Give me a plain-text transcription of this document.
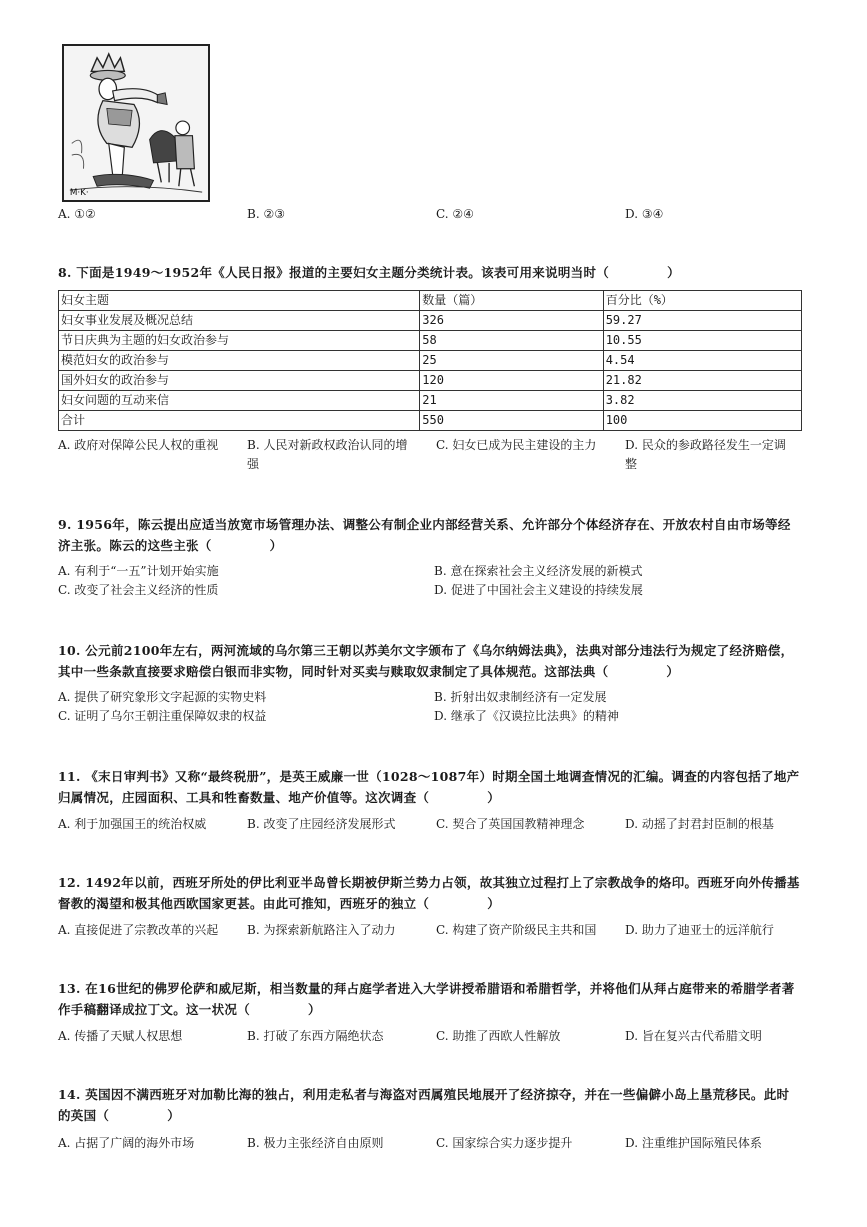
M·K·
A. ①②	B. ②③	C. ②④	D. ③④
8. 下面是1949～1952年《人民日报》报道的主要妇女主题分类统计表。该表可用来说明当时（	）
妇女主题	数量（篇）	百分比（%）
妇女事业发展及概况总结	326	59.27
节日庆典为主题的妇女政治参与	58	10.55
模范妇女的政治参与	25	4.54
国外妇女的政治参与	120	21.82
妇女问题的互动来信	21	3.82
合计	550	100
A. 政府对保障公民人权的重视	B. 人民对新政权政治认同的增强
C. 妇女已成为民主建设的主力	D. 民众的参政路径发生一定调整
9. 1956年，陈云提出应适当放宽市场管理办法、调整公有制企业内部经营关系、允许部分个体经济存在、开放农村自由市场等经
济主张。陈云的这些主张（	）
A. 有利于“一五”计划开始实施	B. 意在探索社会主义经济发展的新模式
C. 改变了社会主义经济的性质	D. 促进了中国社会主义建设的持续发展
10. 公元前2100年左右，两河流域的乌尔第三王朝以苏美尔文字颁布了《乌尔纳姆法典》，法典对部分违法行为规定了经济赔偿，
其中一些条款直接要求赔偿白银而非实物，同时针对买卖与赎取奴隶制定了具体规范。这部法典（	）
A. 提供了研究象形文字起源的实物史料	B. 折射出奴隶制经济有一定发展
C. 证明了乌尔王朝注重保障奴隶的权益	D. 继承了《汉谟拉比法典》的精神
11. 《末日审判书》又称“最终税册”，是英王威廉一世（1028～1087年）时期全国土地调查情况的汇编。调查的内容包括了地产
归属情况，庄园面积、工具和牲畜数量、地产价值等。这次调查（	）
A. 利于加强国王的统治权威	B. 改变了庄园经济发展形式	C. 契合了英国国教精神理念	D. 动摇了封君封臣制的根基
12. 1492年以前，西班牙所处的伊比利亚半岛曾长期被伊斯兰势力占领，故其独立过程打上了宗教战争的烙印。西班牙向外传播基
督教的渴望和极其他西欧国家更甚。由此可推知，西班牙的独立（	）
A. 直接促进了宗教改革的兴起 B. 为探索新航路注入了动力	C. 构建了资产阶级民主共和国 D. 助力了迪亚士的远洋航行
13. 在16世纪的佛罗伦萨和威尼斯，相当数量的拜占庭学者进入大学讲授希腊语和希腊哲学，并将他们从拜占庭带来的希腊学者著
作手稿翻译成拉丁文。这一状况（	）
A. 传播了天赋人权思想	B. 打破了东西方隔绝状态	C. 助推了西欧人性解放	D. 旨在复兴古代希腊文明
14. 英国因不满西班牙对加勒比海的独占，利用走私者与海盗对西属殖民地展开了经济掠夺，并在一些偏僻小岛上垦荒移民。此时
的英国（	）
A. 占据了广阔的海外市场	B. 极力主张经济自由原则	C. 国家综合实力逐步提升	D. 注重维护国际殖民体系
